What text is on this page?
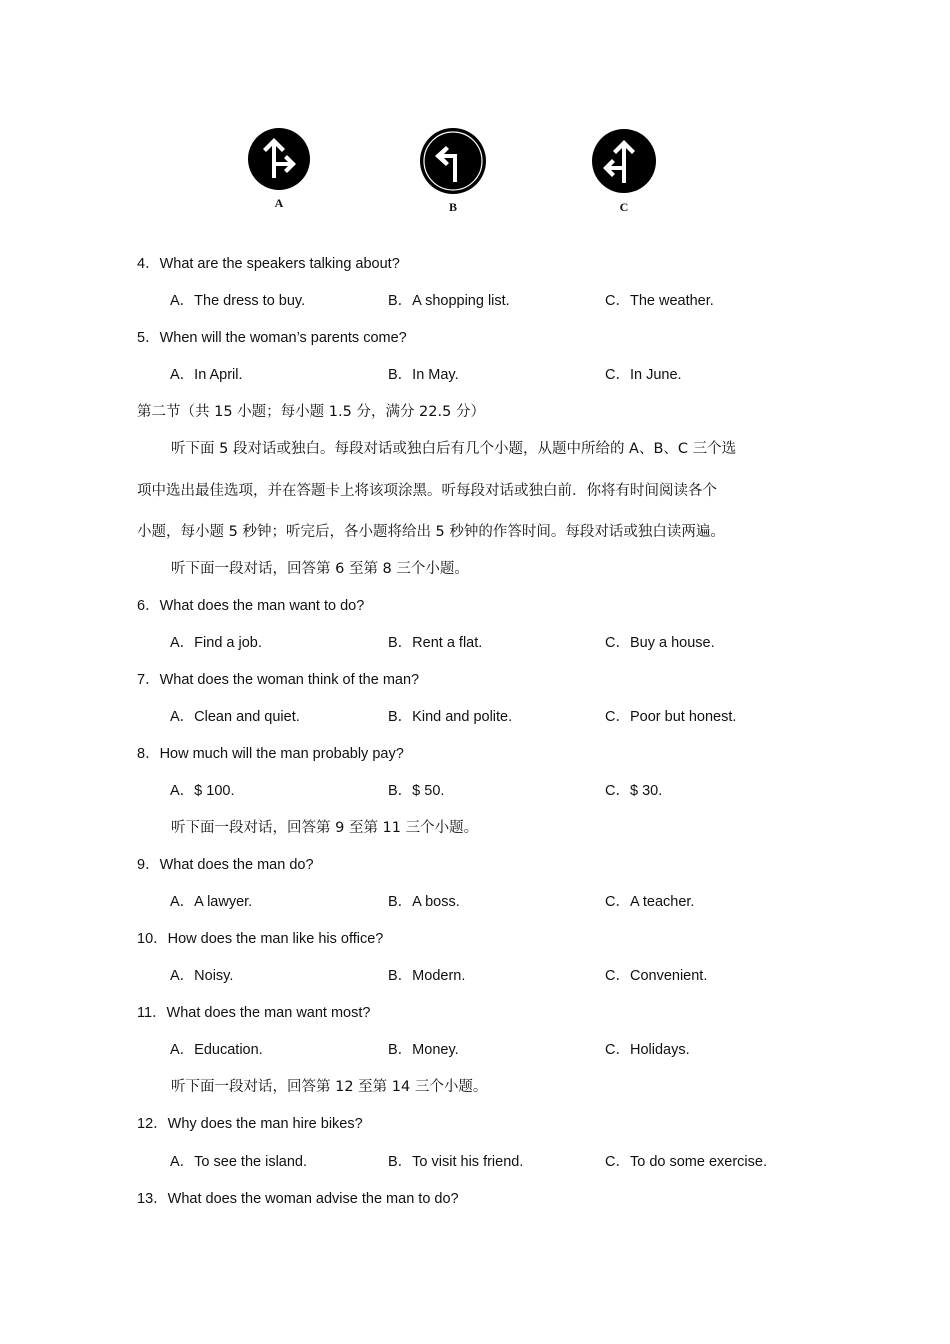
A	B	C
4．What are the speakers talking about?
A．The dress to buy.	B．A shopping list.	C．The weather.
5．When will the woman’s parents come?
A．In April.	B．In May.	C．In June.
第二节（共 15 小题；每小题 1.5 分，满分 22.5 分）
听下面 5 段对话或独白。每段对话或独白后有几个小题，从题中所给的 A、B、C 三个选
项中选出最佳选项，并在答题卡上将该项涂黑。听每段对话或独白前．你将有时间阅读各个
小题，每小题 5 秒钟；听完后，各小题将给出 5 秒钟的作答时间。每段对话或独白读两遍。
听下面一段对话，回答第 6 至第 8 三个小题。
6．What does the man want to do?
A．Find a job.	B．Rent a flat.	C．Buy a house.
7．What does the woman think of the man?
A．Clean and quiet.	B．Kind and polite.	C．Poor but honest.
8．How much will the man probably pay?
A．$ 100.	B．$ 50.	C．$ 30.
听下面一段对话，回答第 9 至第 11 三个小题。
9．What does the man do?
A．A lawyer.	B．A boss.	C．A teacher.
10．How does the man like his office?
A．Noisy.	B．Modern.	C．Convenient.
11．What does the man want most?
A．Education.	B．Money.	C．Holidays.
听下面一段对话，回答第 12 至第 14 三个小题。
12．Why does the man hire bikes?
A．To see the island.	B．To visit his friend.	C．To do some exercise.
13．What does the woman advise the man to do?
